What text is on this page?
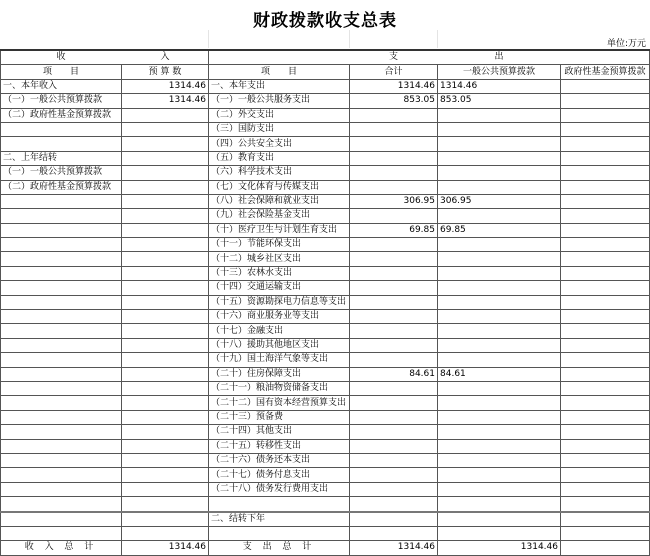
财政拨款收支总表
单位:万元
收	入		支	出	
项　　目	预 算 数	项　　目	合计	一般公共预算拨款	政府性基金预算拨款
一、本年收入	1314.46	一、本年支出	1314.46	1314.46	
（一）一般公共预算拨款	1314.46	（一）一般公共服务支出	853.05	853.05	
（二）政府性基金预算拨款		（二）外交支出			
		（三）国防支出			
		（四）公共安全支出			
二、上年结转		（五）教育支出			
（一）一般公共预算拨款		（六）科学技术支出			
（二）政府性基金预算拨款		（七）文化体育与传媒支出			
		（八）社会保障和就业支出	306.95	306.95	
		（九）社会保险基金支出			
		（十）医疗卫生与计划生育支出	69.85	69.85	
		（十一）节能环保支出			
		（十二）城乡社区支出			
		（十三）农林水支出			
		（十四）交通运输支出			
		（十五）资源勘探电力信息等支出			
		（十六）商业服务业等支出			
		（十七）金融支出			
		（十八）援助其他地区支出			
		（十九）国土海洋气象等支出			
		（二十）住房保障支出	84.61	84.61	
		（二十一）粮油物资储备支出			
		（二十二）国有资本经营预算支出			
		（二十三）预备费			
		（二十四）其他支出			
		（二十五）转移性支出			
		（二十六）债务还本支出			
		（二十七）债务付息支出			
		（二十八）债务发行费用支出			

		二、结转下年			

收 入 总 计	1314.46	支 出 总 计	1314.46	1314.46	
